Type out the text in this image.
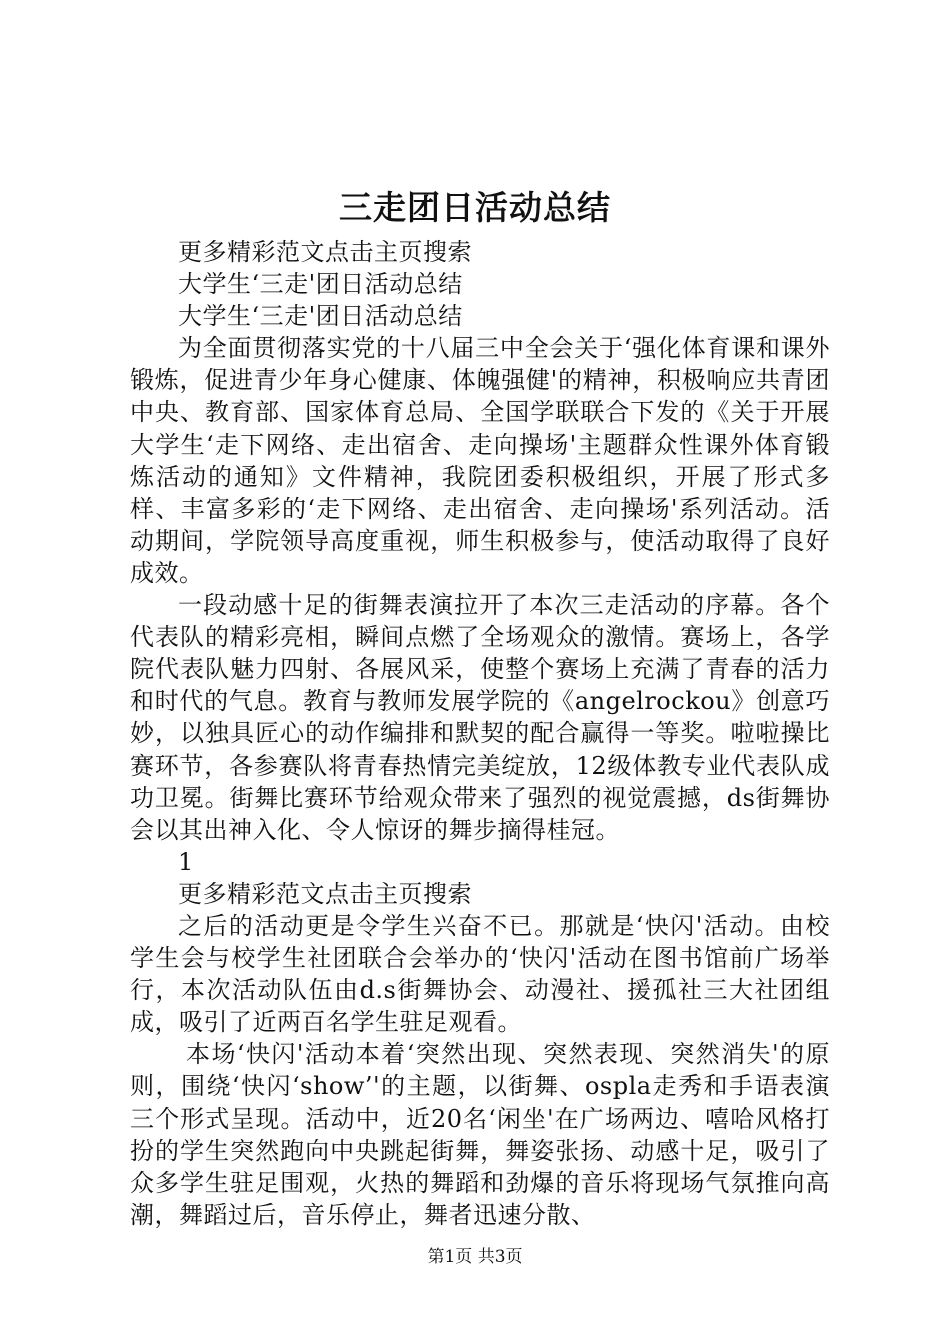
三走团日活动总结

更多精彩范文点击主页搜索

大学生‘三走'团日活动总结

大学生‘三走'团日活动总结

为全面贯彻落实党的十八届三中全会关于‘强化体育课和课外锻炼，促进青少年身心健康、体魄强健'的精神，积极响应共青团中央、教育部、国家体育总局、全国学联联合下发的《关于开展大学生‘走下网络、走出宿舍、走向操场'主题群众性课外体育锻炼活动的通知》文件精神，我院团委积极组织，开展了形式多样、丰富多彩的‘走下网络、走出宿舍、走向操场'系列活动。活动期间，学院领导高度重视，师生积极参与，使活动取得了良好成效。

一段动感十足的街舞表演拉开了本次三走活动的序幕。各个代表队的精彩亮相，瞬间点燃了全场观众的激情。赛场上，各学院代表队魅力四射、各展风采，使整个赛场上充满了青春的活力和时代的气息。教育与教师发展学院的《angelrockou》创意巧妙，以独具匠心的动作编排和默契的配合赢得一等奖。啦啦操比赛环节，各参赛队将青春热情完美绽放，12级体教专业代表队成功卫冕。街舞比赛环节给观众带来了强烈的视觉震撼，ds街舞协会以其出神入化、令人惊讶的舞步摘得桂冠。

1

更多精彩范文点击主页搜索

之后的活动更是令学生兴奋不已。那就是‘快闪'活动。由校学生会与校学生社团联合会举办的‘快闪'活动在图书馆前广场举行，本次活动队伍由d.s街舞协会、动漫社、援孤社三大社团组成，吸引了近两百名学生驻足观看。

本场‘快闪'活动本着‘突然出现、突然表现、突然消失'的原则，围绕‘快闪‘show’'的主题，以街舞、ospla走秀和手语表演三个形式呈现。活动中，近20名‘闲坐'在广场两边、嘻哈风格打扮的学生突然跑向中央跳起街舞，舞姿张扬、动感十足，吸引了众多学生驻足围观，火热的舞蹈和劲爆的音乐将现场气氛推向高潮，舞蹈过后，音乐停止，舞者迅速分散、

第1页 共3页
